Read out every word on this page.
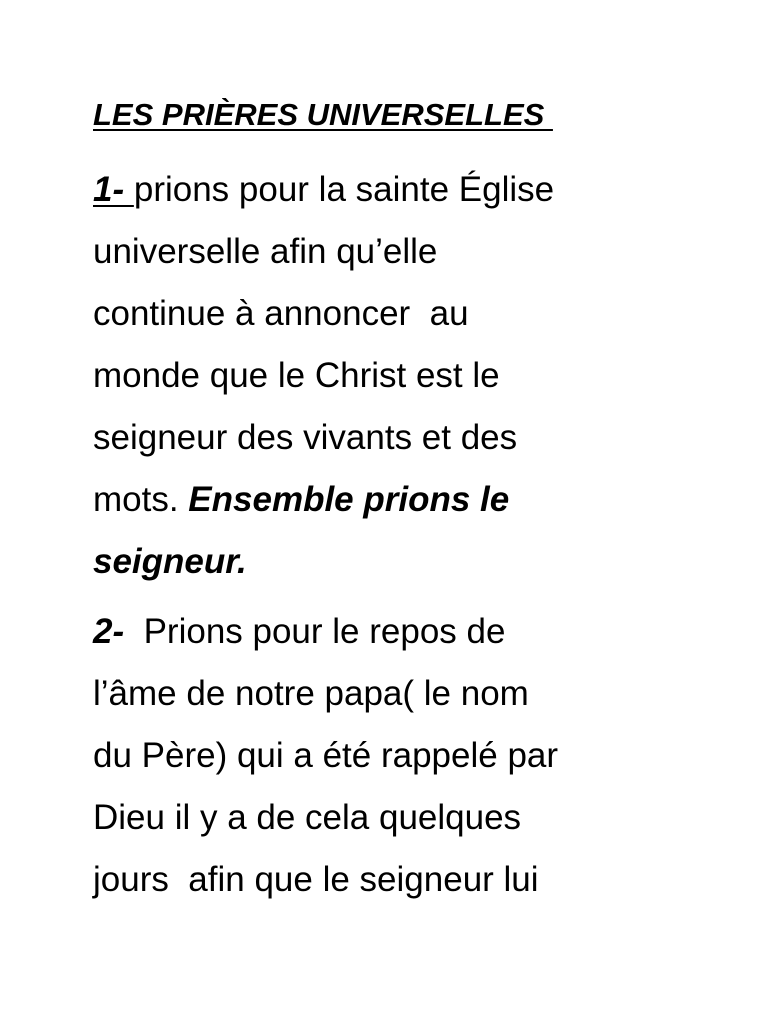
LES PRIÈRES UNIVERSELLES
1- prions pour la sainte Église
universelle afin qu’elle
continue à annoncer  au
monde que le Christ est le
seigneur des vivants et des
mots. Ensemble prions le
seigneur.
2-  Prions pour le repos de
l’âme de notre papa( le nom
du Père) qui a été rappelé par
Dieu il y a de cela quelques
jours  afin que le seigneur lui
